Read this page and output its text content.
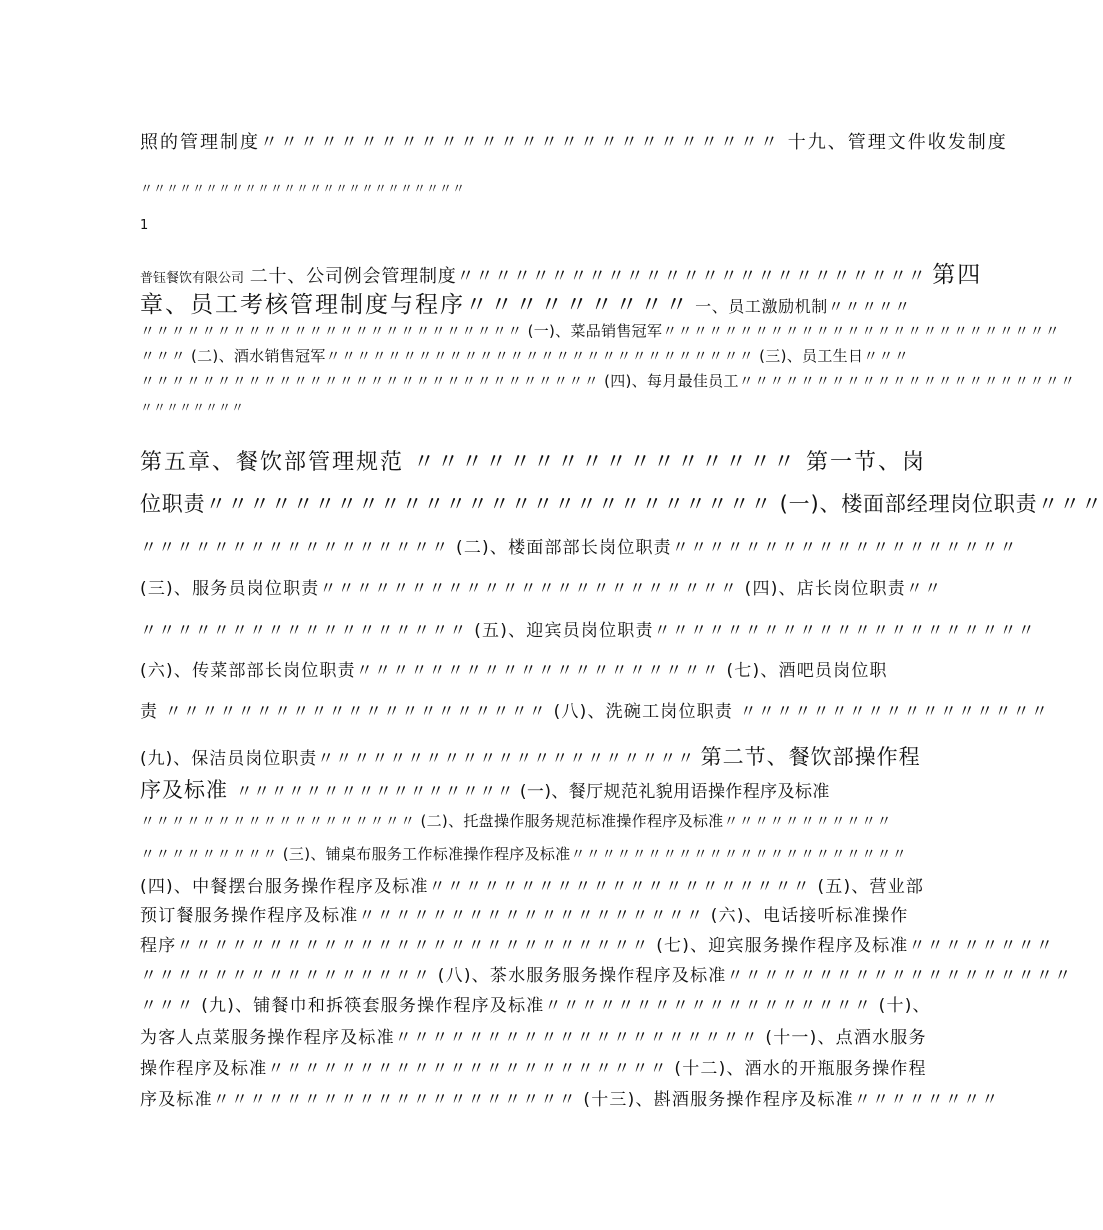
照的管理制度〃〃〃〃〃〃〃〃〃〃〃〃〃〃〃〃〃〃〃〃〃〃〃〃〃〃 十九、管理文件收发制度
〃〃〃〃〃〃〃〃〃〃〃〃〃〃〃〃〃〃〃〃〃〃〃〃〃
1
普钰餐饮有限公司 二十、公司例会管理制度〃〃〃〃〃〃〃〃〃〃〃〃〃〃〃〃〃〃〃〃〃〃〃〃〃 第四
章、员工考核管理制度与程序〃〃〃〃〃〃〃〃〃 一、员工激励机制〃〃〃〃〃
〃〃〃〃〃〃〃〃〃〃〃〃〃〃〃〃〃〃〃〃〃〃〃〃〃 (一)、菜品销售冠军〃〃〃〃〃〃〃〃〃〃〃〃〃〃〃〃〃〃〃〃〃〃〃〃〃〃
〃〃〃 (二)、酒水销售冠军〃〃〃〃〃〃〃〃〃〃〃〃〃〃〃〃〃〃〃〃〃〃〃〃〃〃〃〃 (三)、员工生日〃〃〃
〃〃〃〃〃〃〃〃〃〃〃〃〃〃〃〃〃〃〃〃〃〃〃〃〃〃〃〃〃〃 (四)、每月最佳员工〃〃〃〃〃〃〃〃〃〃〃〃〃〃〃〃〃〃〃〃〃〃
〃〃〃〃〃〃〃〃
第五章、餐饮部管理规范 〃〃〃〃〃〃〃〃〃〃〃〃〃〃〃〃 第一节、岗
位职责〃〃〃〃〃〃〃〃〃〃〃〃〃〃〃〃〃〃〃〃〃〃〃〃〃〃 (一)、楼面部经理岗位职责〃〃〃
〃〃〃〃〃〃〃〃〃〃〃〃〃〃〃〃〃 (二)、楼面部部长岗位职责〃〃〃〃〃〃〃〃〃〃〃〃〃〃〃〃〃〃〃
(三)、服务员岗位职责〃〃〃〃〃〃〃〃〃〃〃〃〃〃〃〃〃〃〃〃〃〃〃 (四)、店长岗位职责〃〃
〃〃〃〃〃〃〃〃〃〃〃〃〃〃〃〃〃〃 (五)、迎宾员岗位职责〃〃〃〃〃〃〃〃〃〃〃〃〃〃〃〃〃〃〃〃〃
(六)、传菜部部长岗位职责〃〃〃〃〃〃〃〃〃〃〃〃〃〃〃〃〃〃〃〃 (七)、酒吧员岗位职
责 〃〃〃〃〃〃〃〃〃〃〃〃〃〃〃〃〃〃〃〃〃 (八)、洗碗工岗位职责 〃〃〃〃〃〃〃〃〃〃〃〃〃〃〃〃〃
(九)、保洁员岗位职责〃〃〃〃〃〃〃〃〃〃〃〃〃〃〃〃〃〃〃〃〃 第二节、餐饮部操作程
序及标准 〃〃〃〃〃〃〃〃〃〃〃〃〃〃〃〃 (一)、餐厅规范礼貌用语操作程序及标准
〃〃〃〃〃〃〃〃〃〃〃〃〃〃〃〃〃〃 (二)、托盘操作服务规范标准操作程序及标准〃〃〃〃〃〃〃〃〃〃〃
〃〃〃〃〃〃〃〃〃 (三)、铺桌布服务工作标准操作程序及标准〃〃〃〃〃〃〃〃〃〃〃〃〃〃〃〃〃〃〃〃〃〃
(四)、中餐摆台服务操作程序及标准〃〃〃〃〃〃〃〃〃〃〃〃〃〃〃〃〃〃〃〃〃 (五)、营业部
预订餐服务操作程序及标准〃〃〃〃〃〃〃〃〃〃〃〃〃〃〃〃〃〃〃 (六)、电话接听标准操作
程序〃〃〃〃〃〃〃〃〃〃〃〃〃〃〃〃〃〃〃〃〃〃〃〃〃〃 (七)、迎宾服务操作程序及标准〃〃〃〃〃〃〃〃
〃〃〃〃〃〃〃〃〃〃〃〃〃〃〃〃 (八)、茶水服务服务操作程序及标准〃〃〃〃〃〃〃〃〃〃〃〃〃〃〃〃〃〃〃
〃〃〃 (九)、铺餐巾和拆筷套服务操作程序及标准〃〃〃〃〃〃〃〃〃〃〃〃〃〃〃〃〃〃 (十)、
为客人点菜服务操作程序及标准〃〃〃〃〃〃〃〃〃〃〃〃〃〃〃〃〃〃〃〃 (十一)、点酒水服务
操作程序及标准〃〃〃〃〃〃〃〃〃〃〃〃〃〃〃〃〃〃〃〃〃〃 (十二)、酒水的开瓶服务操作程
序及标准〃〃〃〃〃〃〃〃〃〃〃〃〃〃〃〃〃〃〃〃 (十三)、斟酒服务操作程序及标准〃〃〃〃〃〃〃〃
